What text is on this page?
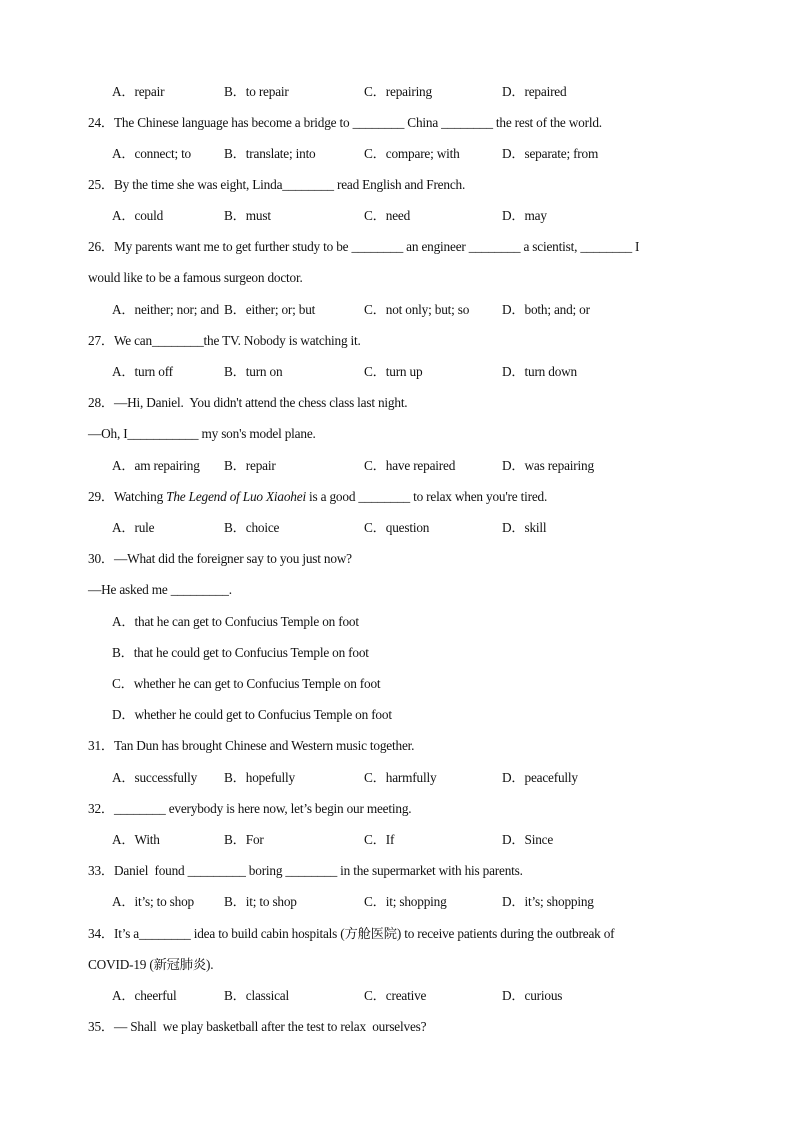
A．repair	B．to repair	C．repairing	D．repaired
24．The Chinese language has become a bridge to ________ China ________ the rest of the world.
A．connect; to B．translate; into	C．compare; with	D．separate; from
25．By the time she was eight, Linda________ read English and French.
A．could	B．must	C．need	D．may
26．My parents want me to get further study to be ________ an engineer ________ a scientist, ________ I
would like to be a famous surgeon doctor.
A．neither; nor; and B．either; or; but	C．not only; but; so D．both; and; or
27．We can________the TV. Nobody is watching it.
A．turn off	B．turn on	C．turn up	D．turn down
28．—Hi, Daniel.  You didn't attend the chess class last night.
—Oh, I___________ my son's model plane.
A．am repairing B．repair	C．have repaired	D．was repairing
29．Watching The Legend of Luo Xiaohei is a good ________ to relax when you're tired.
A．rule	B．choice	C．question	D．skill
30．—What did the foreigner say to you just now?
—He asked me _________.
A．that he can get to Confucius Temple on foot
B．that he could get to Confucius Temple on foot
C．whether he can get to Confucius Temple on foot
D．whether he could get to Confucius Temple on foot
31．Tan Dun has brought Chinese and Western music together.
A．successfully B．hopefully	C．harmfully	D．peacefully
32．________ everybody is here now, let’s begin our meeting.
A．With	B．For	C．If	D．Since
33．Daniel  found _________ boring ________ in the supermarket with his parents.
A．it’s; to shop B．it; to shop	C．it; shopping	D．it’s; shopping
34．It’s a________ idea to build cabin hospitals (方舱医院) to receive patients during the outbreak of
COVID-19 (新冠肺炎).
A．cheerful	B．classical	C．creative	D．curious
35．— Shall  we play basketball after the test to relax  ourselves?
